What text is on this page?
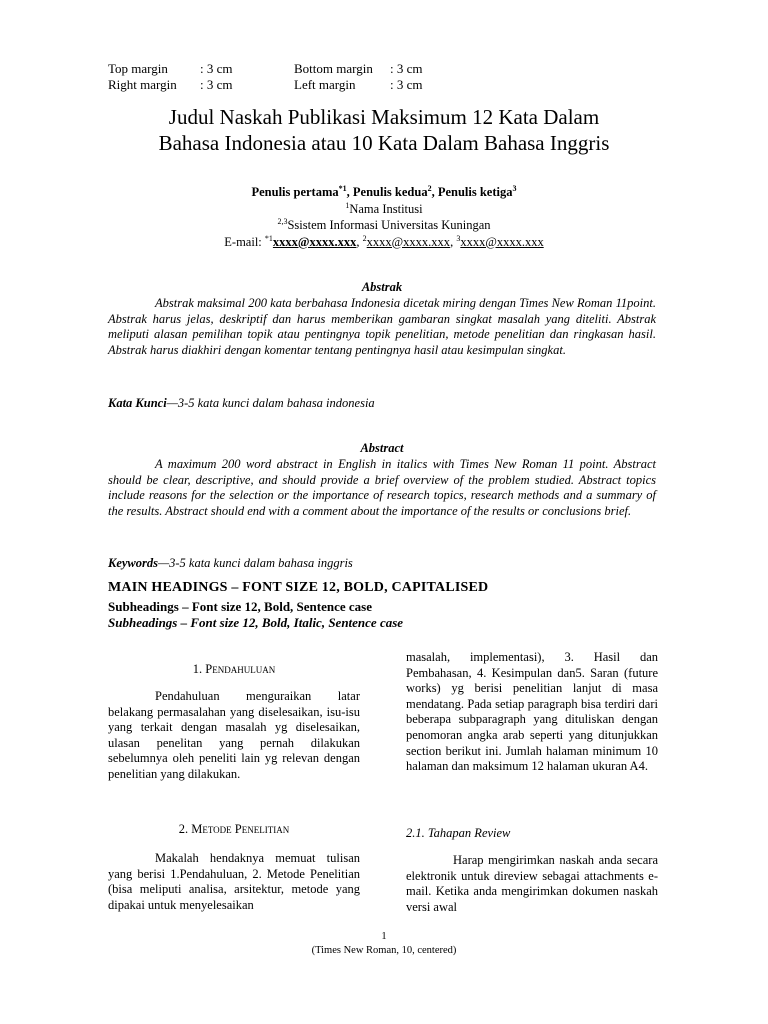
Top margin : 3 cm	Bottom margin : 3 cm
Right margin : 3 cm	Left margin	: 3 cm
Judul Naskah Publikasi Maksimum 12 Kata Dalam
Bahasa Indonesia atau 10 Kata Dalam Bahasa Inggris
Penulis pertama$^{*1}$, Penulis kedua$^2$, Penulis ketiga$^3$
$^1$Nama Institusi
$^{2,3}$Ssistem Informasi Universitas Kuningan
E-mail: $^{*1}$xxxx@xxxx.xxx, $^2$xxxx@xxxx.xxx, $^3$xxxx@xxxx.xxx
Abstrak
Abstrak maksimal 200 kata berbahasa Indonesia dicetak miring dengan Times New Roman 11point. Abstrak harus jelas, deskriptif dan harus memberikan gambaran singkat masalah yang diteliti. Abstrak meliputi alasan pemilihan topik atau pentingnya topik penelitian, metode penelitian dan ringkasan hasil. Abstrak harus diakhiri dengan komentar tentang pentingnya hasil atau kesimpulan singkat.
Kata Kunci—3-5 kata kunci dalam bahasa indonesia
Abstract
A maximum 200 word abstract in English in italics with Times New Roman 11 point. Abstract should be clear, descriptive, and should provide a brief overview of the problem studied. Abstract topics include reasons for the selection or the importance of research topics, research methods and a summary of the results. Abstract should end with a comment about the importance of the results or conclusions brief.
Keywords—3-5 kata kunci dalam bahasa inggris
MAIN HEADINGS – FONT SIZE 12, BOLD, CAPITALISED
Subheadings – Font size 12, Bold, Sentence case
Subheadings – Font size 12, Bold, Italic, Sentence case
1. Pendahuluan
Pendahuluan menguraikan latar belakang permasalahan yang diselesaikan, isu-isu yang terkait dengan masalah yg diselesaikan, ulasan penelitan yang pernah dilakukan sebelumnya oleh peneliti lain yg relevan dengan penelitian yang dilakukan.
2. Metode Penelitian
Makalah hendaknya memuat tulisan yang berisi 1.Pendahuluan, 2. Metode Penelitian (bisa meliputi analisa, arsitektur, metode yang dipakai untuk menyelesaikan
masalah, implementasi), 3. Hasil dan Pembahasan, 4. Kesimpulan dan5. Saran (future works) yg berisi penelitian lanjut di masa mendatang. Pada setiap paragraph bisa terdiri dari beberapa subparagraph yang dituliskan dengan penomoran angka arab seperti yang ditunjukkan section berikut ini. Jumlah halaman minimum 10 halaman dan maksimum 12 halaman ukuran A4.
2.1. Tahapan Review
Harap mengirimkan naskah anda secara elektronik untuk direview sebagai attachments e-mail. Ketika anda mengirimkan dokumen naskah versi awal
1
(Times New Roman, 10, centered)
